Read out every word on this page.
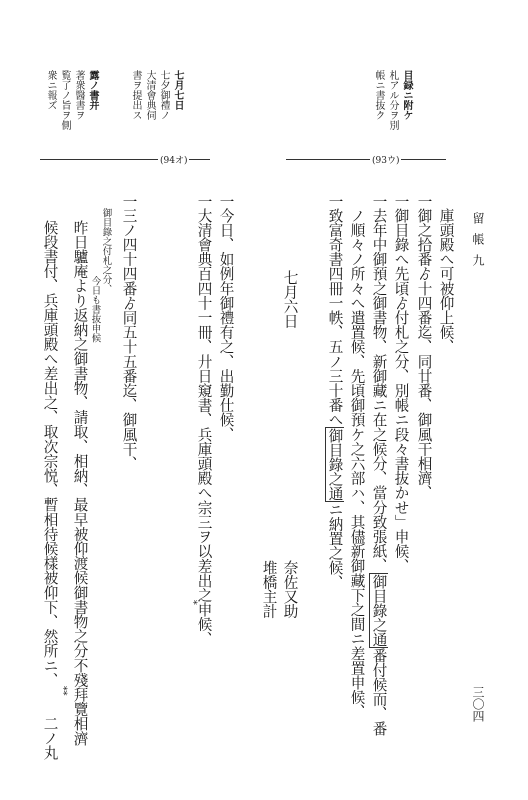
三〇四
留帳九
目録ニ附ケ
札アル分ヲ別
帳ニ書抜ク
七月七日
七夕御禮ノ
大清會典伺
書ヲ提出ス
露ノ書并
著衆醫書ヲ
覧了ノ旨ヲ側
衆ニ報ズ
(93ウ)
(94オ)
庫頭殿へ可被仰上候、
一
御之拾番ゟ十四番迄、同廿番、御風干相濟、
一
御目錄へ先頃ゟ付札之分、別帳ニ段々書抜かせ」申候、
一
去年中御預之御書物、新御藏ニ在之候分、當分致張紙、御目錄之通番付候而、番
ノ順々ノ所々へ遣置候、先頃御預ケ之六部ハ、其儘新御藏下之間ニ差置申候、
一
致富奇書四冊一帙、五ノ三十番へ御目錄之通ニ納置之候、
七月六日
奈佐又助
堆橋主計
一
今日、如例年御禮有之、出勤仕候、
一
大清會典百四十一冊、廾日窺書、兵庫頭殿へ宗三ヲ以差出之申候、
*
一
三ノ四十四番ゟ同五十五番迄、御風干、
御目錄之付札之分、
今日も書抜申候
昨日驢庵より返納之御書物、請取、相納、最早被仰渡候御書物之分不殘拜覽相濟
候段書付、兵庫頭殿へ差出之、取次宗悦、暫相待候樣被仰下、然所ニ、
**
二ノ丸
